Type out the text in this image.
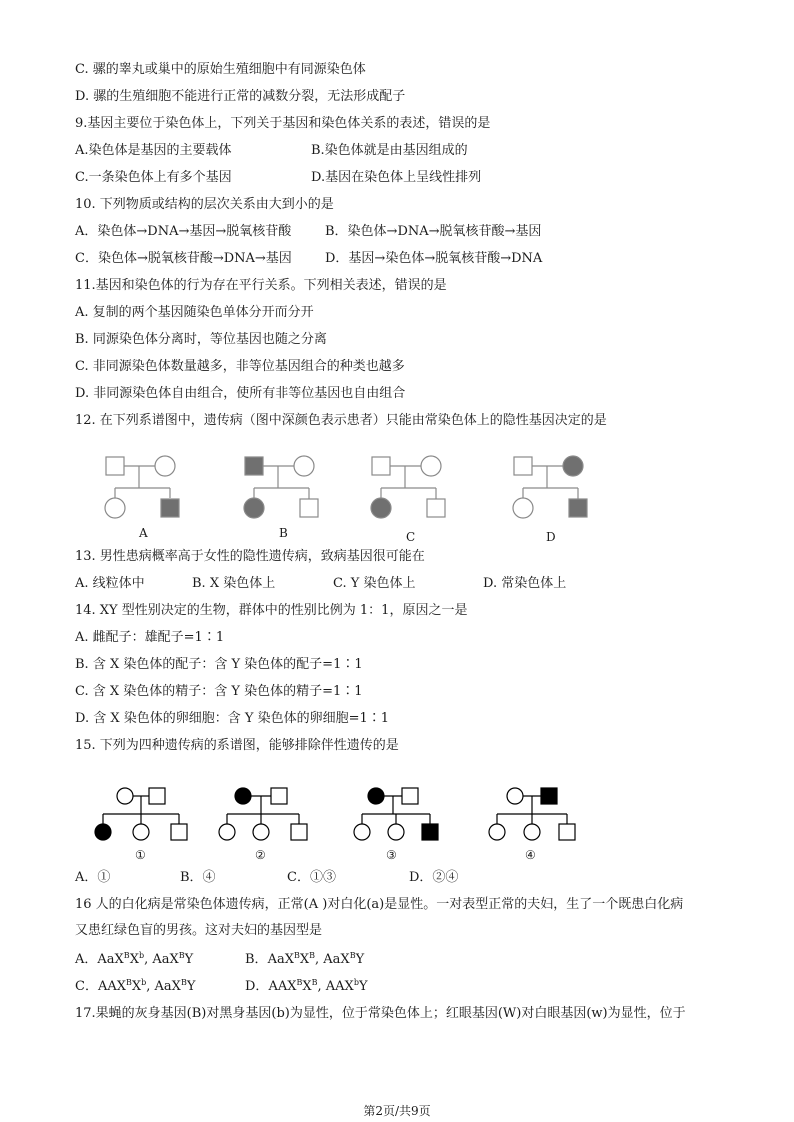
C. 骡的睾丸或巢中的原始生殖细胞中有同源染色体
D. 骡的生殖细胞不能进行正常的减数分裂，无法形成配子
9.基因主要位于染色体上，下列关于基因和染色体关系的表述，错误的是
A.染色体是基因的主要载体	B.染色体就是由基因组成的
C.一条染色体上有多个基因	D.基因在染色体上呈线性排列
10. 下列物质或结构的层次关系由大到小的是
A．染色体→DNA→基因→脱氧核苷酸	B．染色体→DNA→脱氧核苷酸→基因
C．染色体→脱氧核苷酸→DNA→基因	D．基因→染色体→脱氧核苷酸→DNA
11.基因和染色体的行为存在平行关系。下列相关表述，错误的是
A. 复制的两个基因随染色单体分开而分开
B. 同源染色体分离时，等位基因也随之分离
C. 非同源染色体数量越多，非等位基因组合的种类也越多
D. 非同源染色体自由组合，使所有非等位基因也自由组合
12. 在下列系谱图中，遗传病（图中深颜色表示患者）只能由常染色体上的隐性基因决定的是
A	B	C	D
13. 男性患病概率高于女性的隐性遗传病，致病基因很可能在
A. 线粒体中	B. X 染色体上	C. Y 染色体上	D. 常染色体上
14. XY 型性别决定的生物，群体中的性别比例为 1：1，原因之一是
A. 雌配子：雄配子=1∶1
B. 含 X 染色体的配子：含 Y 染色体的配子=1∶1
C. 含 X 染色体的精子：含 Y 染色体的精子=1∶1
D. 含 X 染色体的卵细胞：含 Y 染色体的卵细胞=1∶1
15. 下列为四种遗传病的系谱图，能够排除伴性遗传的是
①	②	③	④
A．①	B．④	C．①③	D．②④
16 人的白化病是常染色体遗传病，正常(A )对白化(a)是显性。一对表型正常的夫妇，生了一个既患白化病
又患红绿色盲的男孩。这对夫妇的基因型是
A．$AaX^BX^b$, AaX$^B$Y	B．$AaX^BX^B$, AaX$^B$Y
C．$AAX^BX^b$, AaX$^B$Y	D．$AAX^BX^B$, AAX$^b$Y
17.果蝇的灰身基因(B)对黑身基因(b)为显性，位于常染色体上；红眼基因(W)对白眼基因(w)为显性，位于
第2页/共9页
